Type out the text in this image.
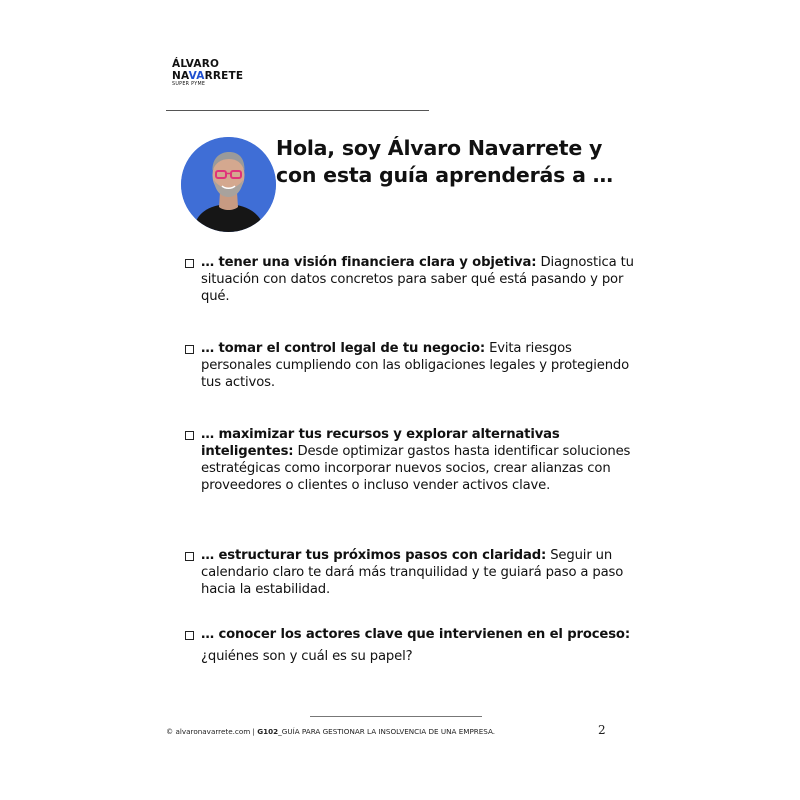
ÁLVARO
NAVARRETE
SUPER PYME
Hola, soy Álvaro Navarrete y con esta guía aprenderás a …
… tener una visión financiera clara y objetiva: Diagnostica tu situación con datos concretos para saber qué está pasando y por qué.
… tomar el control legal de tu negocio: Evita riesgos personales cumpliendo con las obligaciones legales y protegiendo tus activos.
… maximizar tus recursos y explorar alternativas inteligentes: Desde optimizar gastos hasta identificar soluciones estratégicas como incorporar nuevos socios, crear alianzas con proveedores o clientes o incluso vender activos clave.
… estructurar tus próximos pasos con claridad: Seguir un calendario claro te dará más tranquilidad y te guiará paso a paso hacia la estabilidad.
… conocer los actores clave que intervienen en el proceso: ¿quiénes son y cuál es su papel?
© alvaronavarrete.com | G102_GUÍA PARA GESTIONAR LA INSOLVENCIA DE UNA EMPRESA.	2
